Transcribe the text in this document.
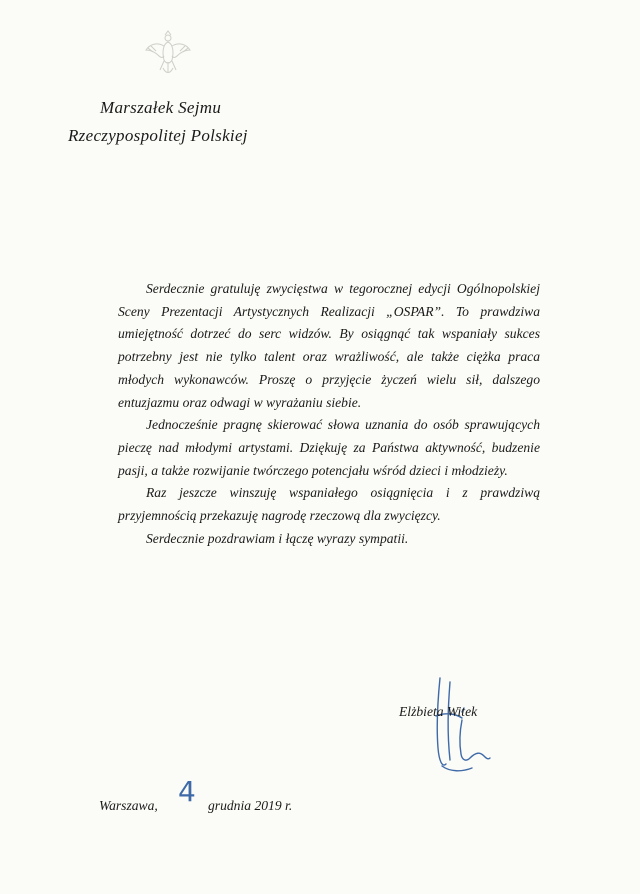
Marszałek Sejmu
Rzeczypospolitej Polskiej

Serdecznie gratuluję zwycięstwa w tegorocznej edycji Ogólnopolskiej Sceny Prezentacji Artystycznych Realizacji „OSPAR”. To prawdziwa umiejętność dotrzeć do serc widzów. By osiągnąć tak wspaniały sukces potrzebny jest nie tylko talent oraz wrażliwość, ale także ciężka praca młodych wykonawców. Proszę o przyjęcie życzeń wielu sił, dalszego entuzjazmu oraz odwagi w wyrażaniu siebie.

Jednocześnie pragnę skierować słowa uznania do osób sprawujących pieczę nad młodymi artystami. Dziękuję za Państwa aktywność, budzenie pasji, a także rozwijanie twórczego potencjału wśród dzieci i młodzieży.

Raz jeszcze winszuję wspaniałego osiągnięcia i z prawdziwą przyjemnością przekazuję nagrodę rzeczową dla zwycięzcy.

Serdecznie pozdrawiam i łączę wyrazy sympatii.

Elżbieta Witek
Warszawa, 4 grudnia 2019 r.
